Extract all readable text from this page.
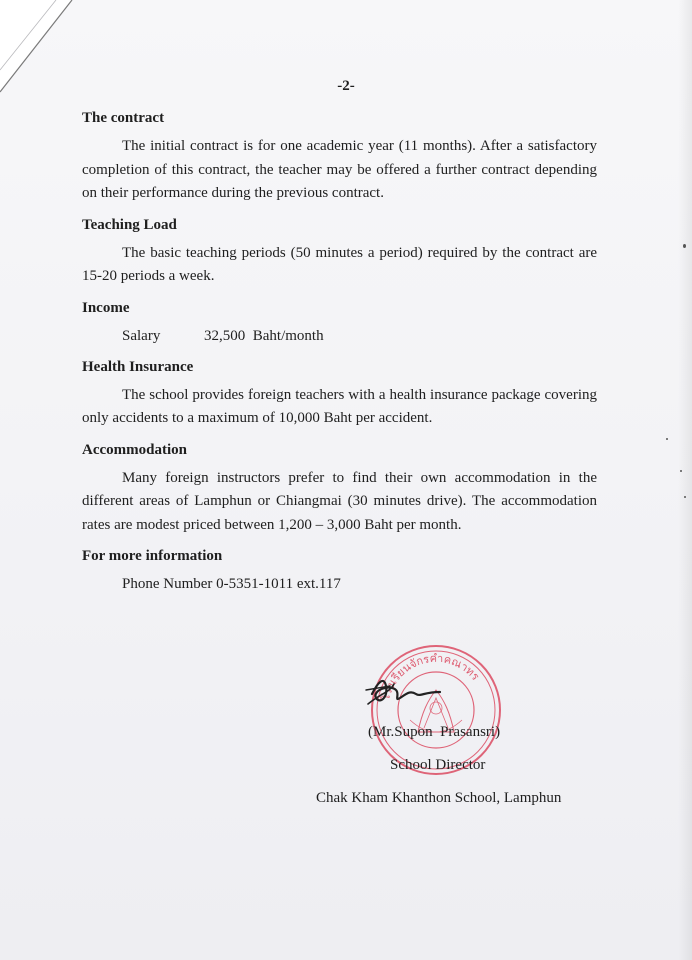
-2-
The contract

The initial contract is for one academic year (11 months). After a satisfactory completion of this contract, the teacher may be offered a further contract depending on their performance during the previous contract.

Teaching Load

The basic teaching periods (50 minutes a period) required by the contract are 15-20 periods a week.

Income
Salary	32,500  Baht/month
Health Insurance

The school provides foreign teachers with a health insurance package covering only accidents to a maximum of 10,000 Baht per accident.

Accommodation

Many foreign instructors prefer to find their own accommodation in the different areas of Lamphun or Chiangmai (30 minutes drive). The accommodation rates are modest priced between 1,200 – 3,000 Baht per month.

For more information
Phone Number 0-5351-1011 ext.117
โรงเรียนจักรคำคณาทร
(Mr.Supon  Prasansri)
School Director
Chak Kham Khanthon School, Lamphun
